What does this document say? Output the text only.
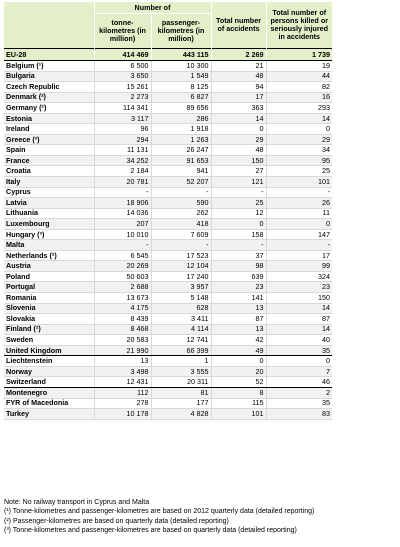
	Number of		Total number of accidents	Total number of persons killed or seriously injured in accidents
	tonne-kilometres (in million)	passenger-kilometres (in million)		
EU-28	414 469	443 115	2 269	1 739
Belgium (¹)	6 500	10 300	21	19
Bulgaria	3 650	1 549	48	44
Czech Republic	15 261	8 125	94	82
Denmark (²)	2 273	6 827	17	16
Germany (²)	114 341	89 656	363	293
Estonia	3 117	286	14	14
Ireland	96	1 918	0	0
Greece (³)	294	1 263	29	29
Spain	11 131	26 247	48	34
France	34 252	91 653	150	95
Croatia	2 184	941	27	25
Italy	20 781	52 207	121	101
Cyprus	-	-	-	-
Latvia	18 906	590	25	26
Lithuania	14 036	262	12	11
Luxembourg	207	418	0	0
Hungary (³)	10 010	7 609	158	147
Malta	-	-	-	-
Netherlands (²)	6 545	17 523	37	17
Austria	20 269	12 104	98	99
Poland	50 603	17 240	639	324
Portugal	2 688	3 957	23	23
Romania	13 673	5 148	141	150
Slovenia	4 175	628	13	14
Slovakia	8 439	3 411	87	87
Finland (²)	8 468	4 114	13	14
Sweden	20 583	12 741	42	40
United Kingdom	21 990	66 399	49	35
Liechtenstein	13	1	0	0
Norway	3 498	3 555	20	7
Switzerland	12 431	20 311	52	46
Montenegro	112	81	8	2
FYR of Macedonia	278	177	115	35
Turkey	10 178	4 828	101	83
Note: No railway transport in Cyprus and Malta
(¹) Tonne-kilometres and passenger-kilometres are based on 2012 quarterly data (detailed reporting)
(²) Passenger-kilometres are based on quarterly data (detailed reporting)
(³) Tonne-kilometres and passenger-kilometres are based on quarterly data (detailed reporting)
